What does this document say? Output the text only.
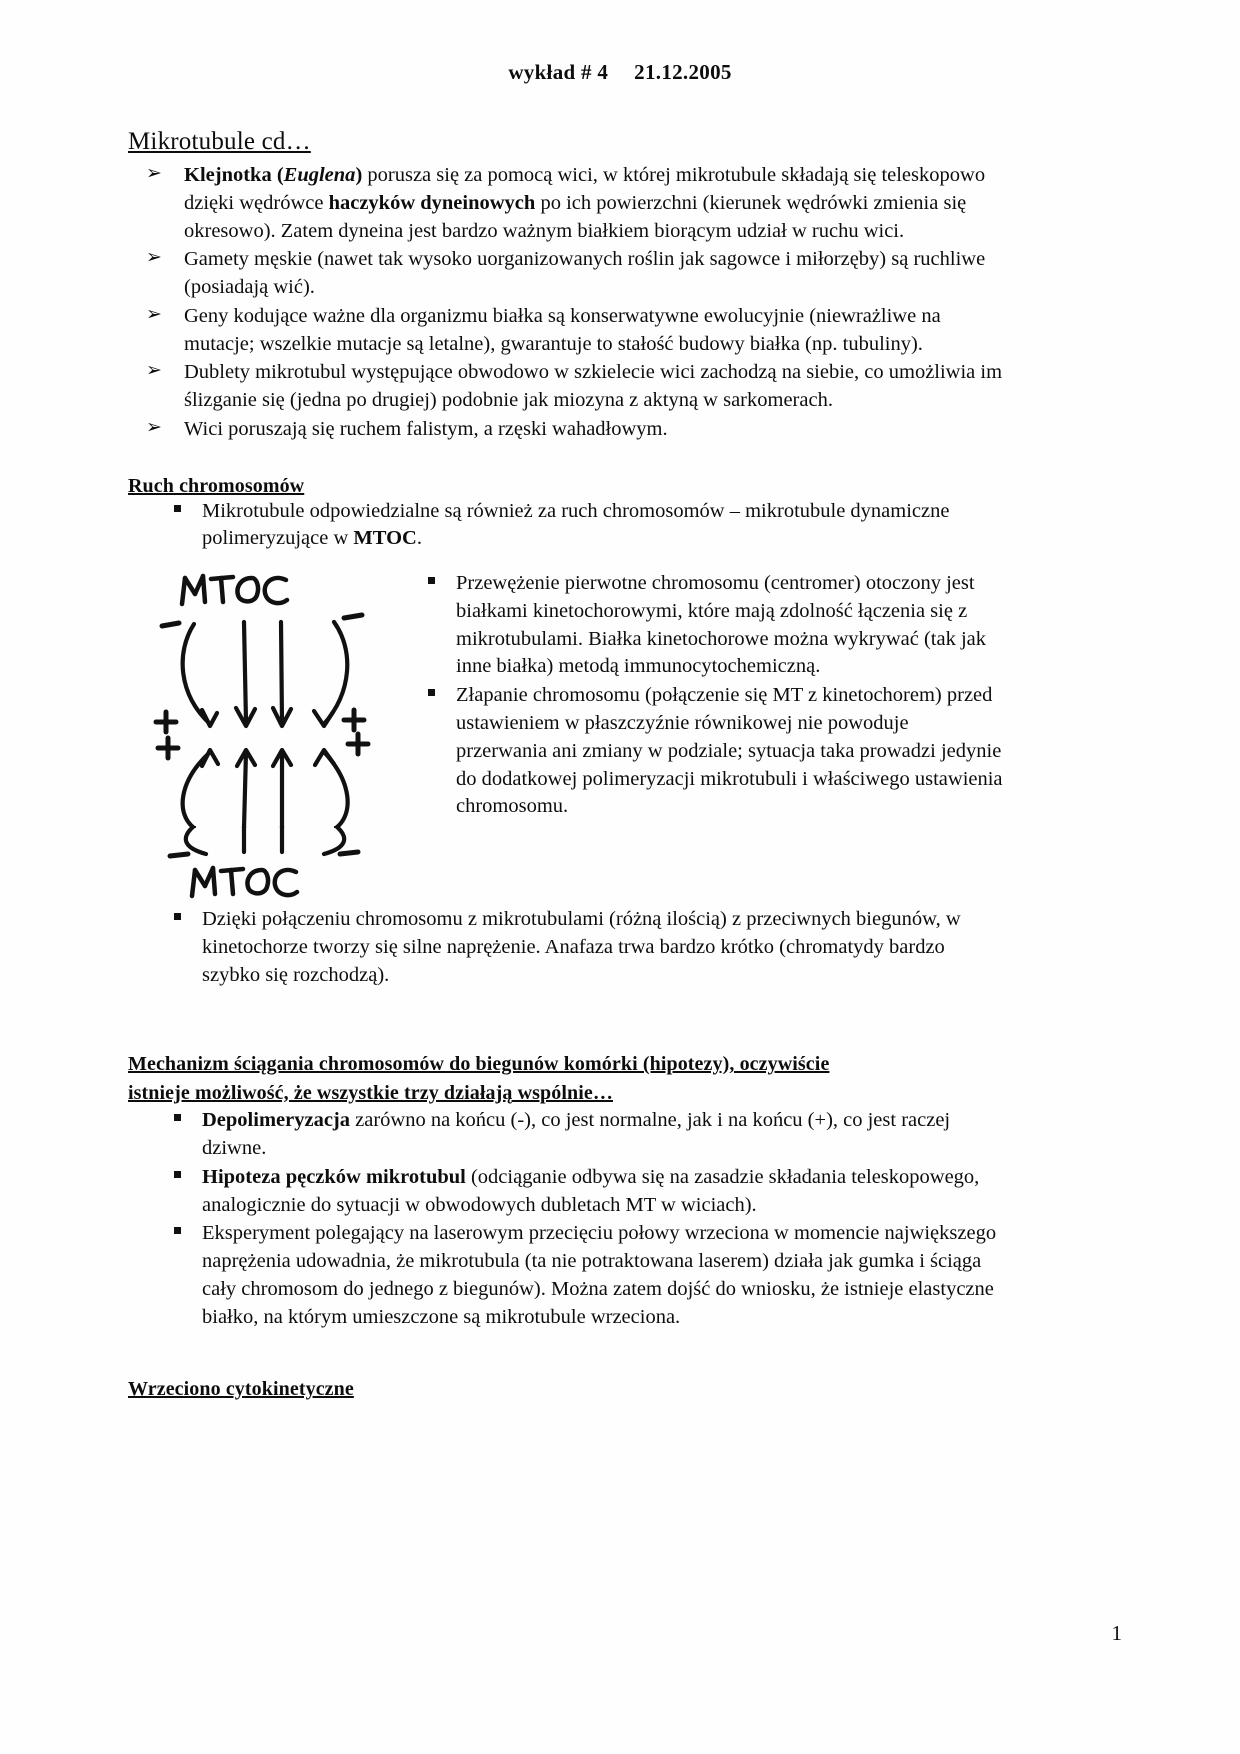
wykład # 4 21.12.2005
Mikrotubule cd…
➢ Klejnotka (Euglena) porusza się za pomocą wici, w której mikrotubule składają się teleskopowo dzięki wędrówce haczyków dyneinowych po ich powierzchni (kierunek wędrówki zmienia się okresowo). Zatem dyneina jest bardzo ważnym białkiem biorącym udział w ruchu wici.
➢ Gamety męskie (nawet tak wysoko uorganizowanych roślin jak sagowce i miłorzęby) są ruchliwe (posiadają wić).
➢ Geny kodujące ważne dla organizmu białka są konserwatywne ewolucyjnie (niewrażliwe na mutacje; wszelkie mutacje są letalne), gwarantuje to stałość budowy białka (np. tubuliny).
➢ Dublety mikrotubul występujące obwodowo w szkielecie wici zachodzą na siebie, co umożliwia im ślizganie się (jedna po drugiej) podobnie jak miozyna z aktyną w sarkomerach.
➢ Wici poruszają się ruchem falistym, a rzęski wahadłowym.

Ruch chromosomów

Mikrotubule odpowiedzialne są również za ruch chromosomów – mikrotubule dynamiczne polimeryzujące w MTOC.
Przewężenie pierwotne chromosomu (centromer) otoczony jest białkami kinetochorowymi, które mają zdolność łączenia się z mikrotubulami. Białka kinetochorowe można wykrywać (tak jak inne białka) metodą immunocytochemiczną.
Złapanie chromosomu (połączenie się MT z kinetochorem) przed ustawieniem w płaszczyźnie równikowej nie powoduje przerwania ani zmiany w podziale; sytuacja taka prowadzi jedynie do dodatkowej polimeryzacji mikrotubuli i właściwego ustawienia chromosomu.
Dzięki połączeniu chromosomu z mikrotubulami (różną ilością) z przeciwnych biegunów, w kinetochorze tworzy się silne naprężenie. Anafaza trwa bardzo krótko (chromatydy bardzo szybko się rozchodzą).
Mechanizm ściągania chromosomów do biegunów komórki (hipotezy), oczywiście
istnieje możliwość, że wszystkie trzy działają wspólnie…
Depolimeryzacja zarówno na końcu (-), co jest normalne, jak i na końcu (+), co jest raczej dziwne.
Hipoteza pęczków mikrotubul (odciąganie odbywa się na zasadzie składania teleskopowego, analogicznie do sytuacji w obwodowych dubletach MT w wiciach).
Eksperyment polegający na laserowym przecięciu połowy wrzeciona w momencie największego naprężenia udowadnia, że mikrotubula (ta nie potraktowana laserem) działa jak gumka i ściąga cały chromosom do jednego z biegunów). Można zatem dojść do wniosku, że istnieje elastyczne białko, na którym umieszczone są mikrotubule wrzeciona.

Wrzeciono cytokinetyczne

1
